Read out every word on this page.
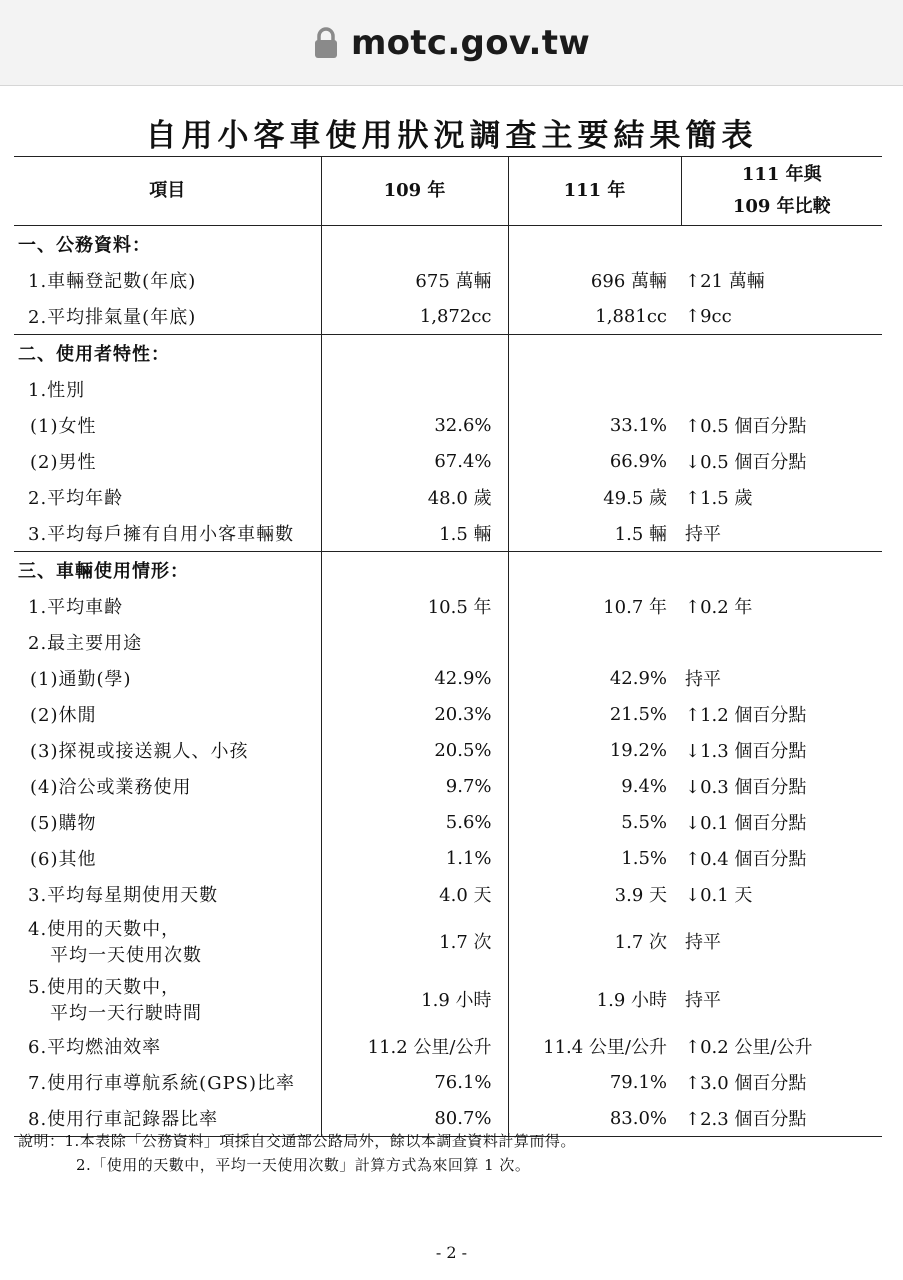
motc.gov.tw
自用小客車使用狀況調查主要結果簡表
項目	109 年	111 年	111 年與
109 年比較
一、公務資料：			
1.車輛登記數(年底)	675 萬輛	696 萬輛	↑21 萬輛
2.平均排氣量(年底)	1,872cc	1,881cc	↑9cc
二、使用者特性：			
1.性別			
(1)女性	32.6%	33.1%	↑0.5 個百分點
(2)男性	67.4%	66.9%	↓0.5 個百分點
2.平均年齡	48.0 歲	49.5 歲	↑1.5 歲
3.平均每戶擁有自用小客車輛數	1.5 輛	1.5 輛	持平
三、車輛使用情形：			
1.平均車齡	10.5 年	10.7 年	↑0.2 年
2.最主要用途			
(1)通勤(學)	42.9%	42.9%	持平
(2)休閒	20.3%	21.5%	↑1.2 個百分點
(3)探視或接送親人、小孩	20.5%	19.2%	↓1.3 個百分點
(4)洽公或業務使用	9.7%	9.4%	↓0.3 個百分點
(5)購物	5.6%	5.5%	↓0.1 個百分點
(6)其他	1.1%	1.5%	↑0.4 個百分點
3.平均每星期使用天數	4.0 天	3.9 天	↓0.1 天
4.使用的天數中，
平均一天使用次數	1.7 次	1.7 次	持平
5.使用的天數中，
平均一天行駛時間	1.9 小時	1.9 小時	持平
6.平均燃油效率	11.2 公里/公升	11.4 公里/公升	↑0.2 公里/公升
7.使用行車導航系統(GPS)比率	76.1%	79.1%	↑3.0 個百分點
8.使用行車記錄器比率	80.7%	83.0%	↑2.3 個百分點
說明：1.本表除「公務資料」項採自交通部公路局外，餘以本調查資料計算而得。
2.「使用的天數中，平均一天使用次數」計算方式為來回算 1 次。
- 2 -
